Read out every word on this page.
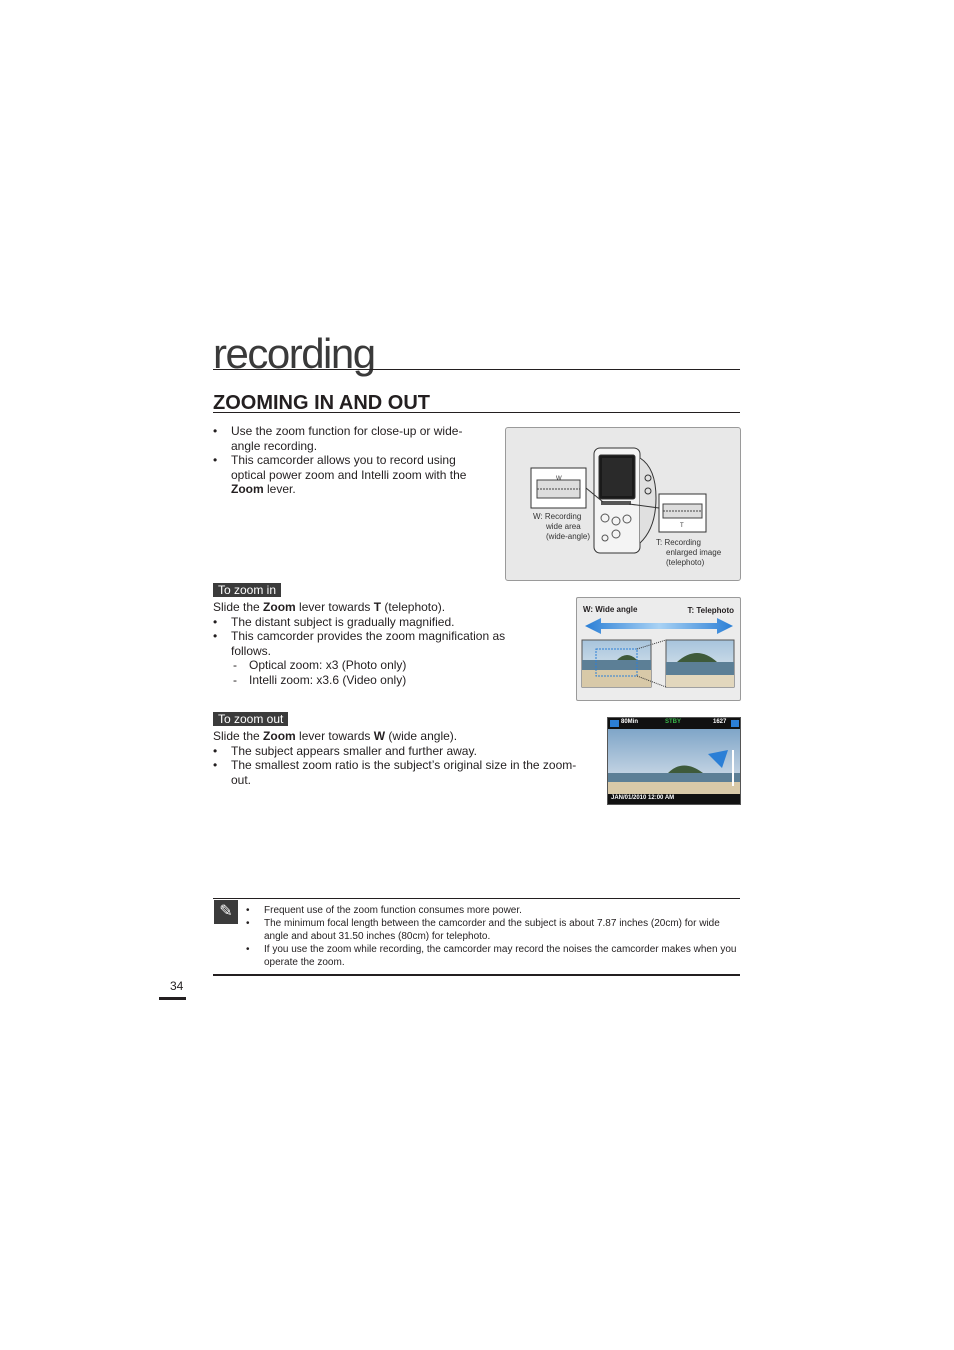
recording
ZOOMING IN AND OUT
• Use the zoom function for close-up or wide-angle recording.
• This camcorder allows you to record using optical power zoom and Intelli zoom with the Zoom lever.
W
T
W: Recording
wide area
(wide-angle)
T: Recording
enlarged image
(telephoto)
To zoom in
Slide the Zoom lever towards T (telephoto).
• The distant subject is gradually magnified.
• This camcorder provides the zoom magnification as follows.
- Optical zoom: x3 (Photo only)
- Intelli zoom: x3.6 (Video only)
W: Wide angle	T: Telephoto
To zoom out
Slide the Zoom lever towards W (wide angle).
• The subject appears smaller and further away.
• The smallest zoom ratio is the subject’s original size in the zoom-out.
80Min	STBY	1627
JAN/01/2010 12:00 AM
✎
•	Frequent use of the zoom function consumes more power.
• The minimum focal length between the camcorder and the subject is about 7.87 inches (20cm) for wide angle and about 31.50 inches (80cm) for telephoto.
• If you use the zoom while recording, the camcorder may record the noises the camcorder makes when you operate the zoom.
34
